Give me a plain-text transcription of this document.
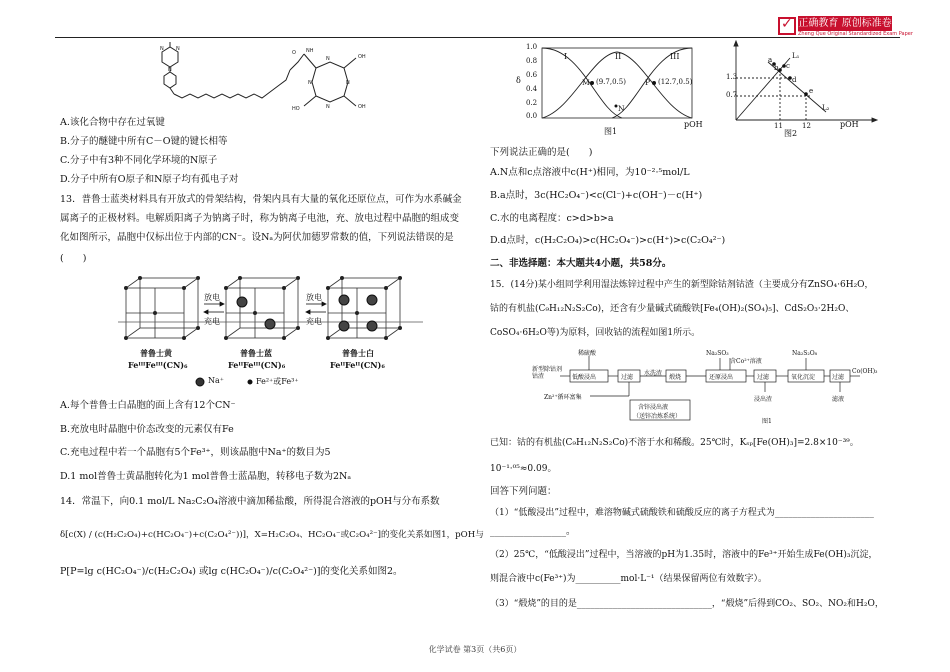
✓ 正确教育 原创标准卷
Zheng Que Original Standardized Exam Paper
N N
N
NH
N
N
N
N
OH
OH
HO
O
A.该化合物中存在过氧键
B.分子的醚键中所有C－O键的键长相等
C.分子中有3种不同化学环境的N原子
D.分子中所有O原子和N原子均有孤电子对
13．普鲁士蓝类材料具有开放式的骨架结构，骨架内具有大量的氧化还原位点，可作为水系碱金
属离子的正极材料。电解质阳离子为钠离子时，称为钠离子电池，充、放电过程中晶胞的组成变
化如图所示，晶胞中仅标出位于内部的CN⁻。设Nₐ为阿伏加德罗常数的值，下列说法错误的是
(　　)
A.每个普鲁士白晶胞的面上含有12个CN⁻
B.充放电时晶胞中价态改变的元素仅有Fe
C.充电过程中若一个晶胞有5个Fe³⁺，则该晶胞中Na⁺的数目为5
D.1 mol普鲁士黄晶胞转化为1 mol普鲁士蓝晶胞，转移电子数为2Nₐ
14．常温下，向0.1 mol/L Na₂C₂O₄溶液中滴加稀盐酸，所得混合溶液的pOH与分布系数
δ[c(X) / (c(H₂C₂O₄)+c(HC₂O₄⁻)+c(C₂O₄²⁻))]，X=H₂C₂O₄、HC₂O₄⁻或C₂O₄²⁻]的变化关系如图1，pOH与
P[P=lg c(HC₂O₄⁻)/c(H₂C₂O₄) 或lg c(HC₂O₄⁻)/c(C₂O₄²⁻)]的变化关系如图2。
放电
充电
放电
充电
普鲁士黄	普鲁士蓝	普鲁士白
FeᴵᴵᴵFeᴵᴵᴵ(CN)₆	FeᴵᴵFeᴵᴵᴵ(CN)₆	FeᴵᴵFeᴵᴵ(CN)₆
Na⁺	Fe²⁺或Fe³⁺
δ
1.0
0.8
0.6
0.4
0.2
0.0
I	II	III
M (9.7,0.5)	P (12.7,0.5)
N
pOH
图1
1.3
0.7
11	12
L₁
L₂
a
b c
d
e
pOH
图2
下列说法正确的是(　　)
A.N点和c点溶液中c(H⁺)相同，为10⁻²·⁵mol/L
B.a点时，3c(HC₂O₄⁻)<c(Cl⁻)+c(OH⁻)－c(H⁺)
C.水的电离程度：c>d>b>a
D.d点时，c(H₂C₂O₄)>c(HC₂O₄⁻)>c(H⁺)>c(C₂O₄²⁻)
二、非选择题：本大题共4小题，共58分。
15．(14分)某小组同学利用湿法炼锌过程中产生的新型除钴剂钴渣（主要成分有ZnSO₄·6H₂O，
钴的有机盐(C₉H₁₂N₂S₂Co)，还含有少量碱式硫酸铁[Fe₄(OH)₂(SO₄)₅]、CdS₂O₃·2H₂O、
CoSO₄·6H₂O等)为原料，回收钴的流程如图1所示。
已知：钴的有机盐(C₉H₁₂N₂S₂Co)不溶于水和稀酸。25℃时，Kₛₚ[Fe(OH)₃]=2.8×10⁻³⁹。
10⁻¹·⁰⁵≈0.09。
回答下列问题：
（1）“低酸浸出”过程中，难溶物碱式硫酸铁和硫酸反应的离子方程式为______________________
________________。
（2）25℃，“低酸浸出”过程中，当溶液的pH为1.35时，溶液中的Fe³⁺开始生成Fe(OH)₃沉淀，
则混合液中c(Fe³⁺)为__________mol·L⁻¹（结果保留两位有效数字）。
（3）“煅烧”的目的是______________________________，“煅烧”后得到CO₂、SO₂、NO₂和H₂O，
新型除钴剂钴渣
稀硫酸
Zn²⁺循环富集
低酸浸出	过滤
水洗渣
煅烧	还原浸出	过滤	氧化沉淀	过滤
Co(OH)₃
Na₂SO₃
含Co²⁺溶液
Na₂S₂O₈
含锌浸出液
（送锌冶炼系统）
浸出渣	滤液
图1
化学试卷 第3页（共6页）
